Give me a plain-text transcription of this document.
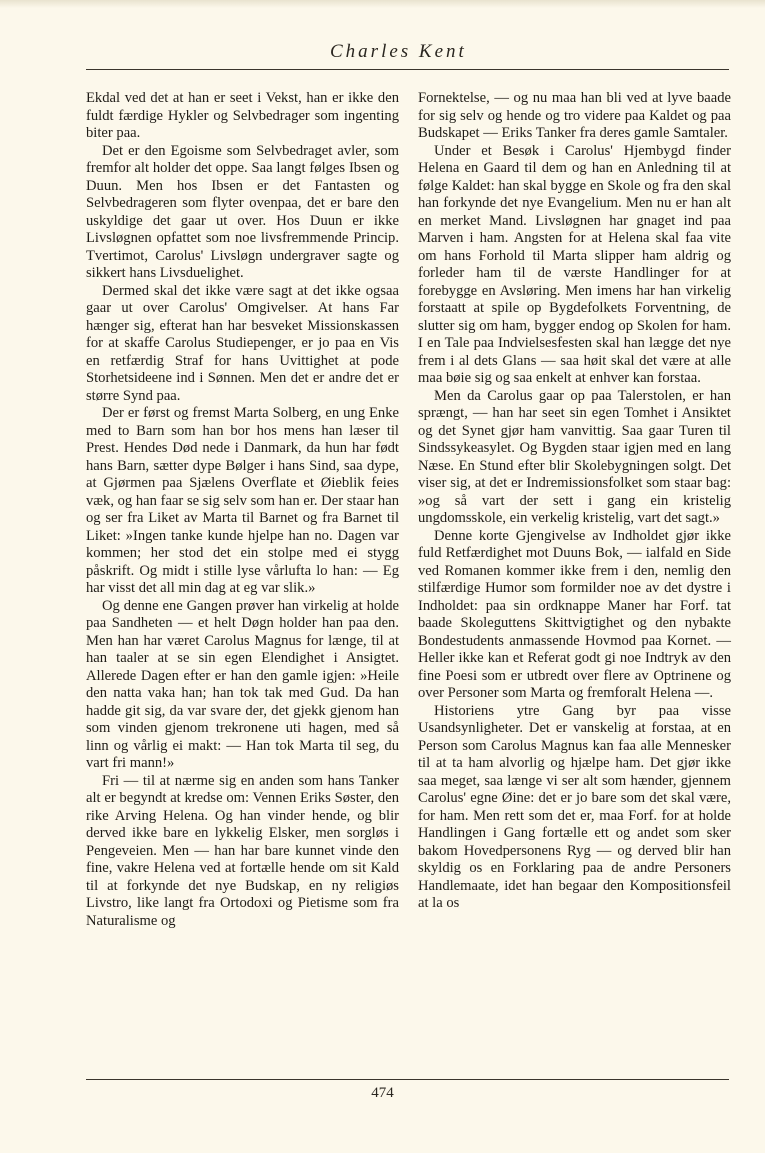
Charles Kent

Ekdal ved det at han er seet i Vekst, han er ikke den fuldt færdige Hykler og Selvbedrager som ingenting biter paa.

Det er den Egoisme som Selvbedraget avler, som fremfor alt holder det oppe. Saa langt følges Ibsen og Duun. Men hos Ibsen er det Fantasten og Selvbedrageren som flyter ovenpaa, det er bare den uskyldige det gaar ut over. Hos Duun er ikke Livsløgnen opfattet som noe livsfremmende Princip. Tvertimot, Carolus' Livsløgn undergraver sagte og sikkert hans Livsduelighet.

Dermed skal det ikke være sagt at det ikke ogsaa gaar ut over Carolus' Omgivelser. At hans Far hænger sig, efterat han har besveket Missionskassen for at skaffe Carolus Studiepenger, er jo paa en Vis en retfærdig Straf for hans Uvittighet at pode Storhetsideene ind i Sønnen. Men det er andre det er større Synd paa.

Der er først og fremst Marta Solberg, en ung Enke med to Barn som han bor hos mens han læser til Prest. Hendes Død nede i Danmark, da hun har født hans Barn, sætter dype Bølger i hans Sind, saa dype, at Gjørmen paa Sjælens Overflate et Øieblik feies væk, og han faar se sig selv som han er. Der staar han og ser fra Liket av Marta til Barnet og fra Barnet til Liket: »Ingen tanke kunde hjelpe han no. Dagen var kommen; her stod det ein stolpe med ei stygg påskrift. Og midt i stille lyse vårlufta lo han: — Eg har visst det all min dag at eg var slik.»

Og denne ene Gangen prøver han virkelig at holde paa Sandheten — et helt Døgn holder han paa den. Men han har været Carolus Magnus for længe, til at han taaler at se sin egen Elendighet i Ansigtet. Allerede Dagen efter er han den gamle igjen: »Heile den natta vaka han; han tok tak med Gud. Da han hadde git sig, da var svare der, det gjekk gjenom han som vinden gjenom trekronene uti hagen, med så linn og vårlig ei makt: — Han tok Marta til seg, du vart fri mann!»

Fri — til at nærme sig en anden som hans Tanker alt er begyndt at kredse om: Vennen Eriks Søster, den rike Arving Helena. Og han vinder hende, og blir derved ikke bare en lykkelig Elsker, men sorgløs i Pengeveien. Men — han har bare kunnet vinde den fine, vakre Helena ved at fortælle hende om sit Kald til at forkynde det nye Budskap, en ny religiøs Livstro, like langt fra Ortodoxi og Pietisme som fra Naturalisme og

Fornektelse, — og nu maa han bli ved at lyve baade for sig selv og hende og tro videre paa Kaldet og paa Budskapet — Eriks Tanker fra deres gamle Samtaler.

Under et Besøk i Carolus' Hjembygd finder Helena en Gaard til dem og han en Anledning til at følge Kaldet: han skal bygge en Skole og fra den skal han forkynde det nye Evangelium. Men nu er han alt en merket Mand. Livsløgnen har gnaget ind paa Marven i ham. Angsten for at Helena skal faa vite om hans Forhold til Marta slipper ham aldrig og forleder ham til de værste Handlinger for at forebygge en Avsløring. Men imens har han virkelig forstaatt at spile op Bygdefolkets Forventning, de slutter sig om ham, bygger endog op Skolen for ham. I en Tale paa Indvielsesfesten skal han lægge det nye frem i al dets Glans — saa høit skal det være at alle maa bøie sig og saa enkelt at enhver kan forstaa.

Men da Carolus gaar op paa Talerstolen, er han sprængt, — han har seet sin egen Tomhet i Ansiktet og det Synet gjør ham vanvittig. Saa gaar Turen til Sindssykeasylet. Og Bygden staar igjen med en lang Næse. En Stund efter blir Skolebygningen solgt. Det viser sig, at det er Indremissionsfolket som staar bag: »og så vart der sett i gang ein kristelig ungdomsskole, ein verkelig kristelig, vart det sagt.»

Denne korte Gjengivelse av Indholdet gjør ikke fuld Retfærdighet mot Duuns Bok, — ialfald en Side ved Romanen kommer ikke frem i den, nemlig den stilfærdige Humor som formilder noe av det dystre i Indholdet: paa sin ordknappe Maner har Forf. tat baade Skoleguttens Skittvigtighet og den nybakte Bondestudents anmassende Hovmod paa Kornet. — Heller ikke kan et Referat godt gi noe Indtryk av den fine Poesi som er utbredt over flere av Optrinene og over Personer som Marta og fremforalt Helena —.

Historiens ytre Gang byr paa visse Usandsynligheter. Det er vanskelig at forstaa, at en Person som Carolus Magnus kan faa alle Mennesker til at ta ham alvorlig og hjælpe ham. Det gjør ikke saa meget, saa længe vi ser alt som hænder, gjennem Carolus' egne Øine: det er jo bare som det skal være, for ham. Men rett som det er, maa Forf. for at holde Handlingen i Gang fortælle ett og andet som sker bakom Hovedpersonens Ryg — og derved blir han skyldig os en Forklaring paa de andre Personers Handlemaate, idet han begaar den Kompositionsfeil at la os

474
